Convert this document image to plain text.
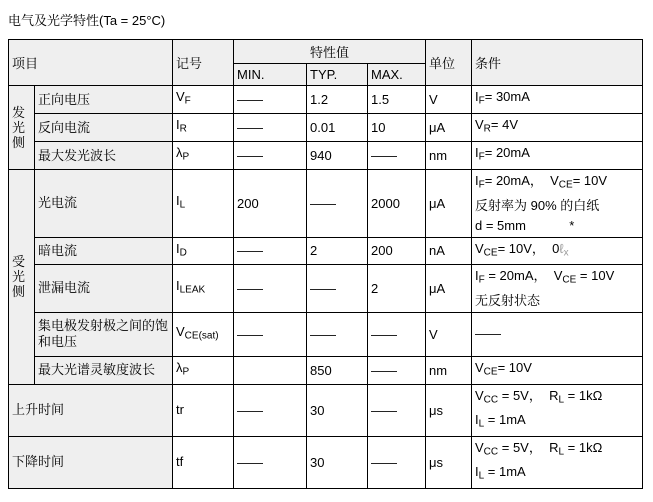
电气及光学特性(Ta = 25°C)
项目		记号	特性值			单位	条件
			MIN.	TYP.	MAX.		
发光侧	正向电压	$V_F$	——	1.2	1.5	V	$I_F= 30mA$
	反向电流	$I_R$	——	0.01	10	μA	$V_R= 4V$
	最大发光波长	$\lambda_P$	——	940	——	nm	$I_F= 20mA$
受光侧	光电流	$I_L$	200	——	2000	μA	$I_F= 20mA$，  $V_{CE}= 10V$
反射率为 90% 的白纸
d = 5mm            *
	暗电流	$I_D$	——	2	200	nA	$V_{CE}= 10V$，  0ℓ$_x$
	泄漏电流	$I_{LEAK}$	——	——	2	μA	$I_F = 20mA$，  $V_{CE} = 10V$
无反射状态
	集电极发射极之间的饱和电压	$V_{CE(sat)}$	——	——	——	V	——
	最大光谱灵敏度波长	$\lambda_P$		850	——	nm	$V_{CE}= 10V$
上升时间		tr	——	30	——	μs	$V_{CC} = 5V$，  $R_L = 1k\Omega$
$I_L = 1mA$
下降时间		tf	——	30	——	μs	$V_{CC} = 5V$，  $R_L = 1k\Omega$
$I_L = 1mA$
